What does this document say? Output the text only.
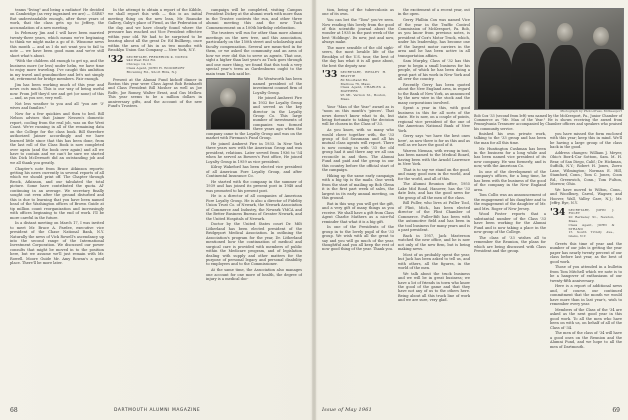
teams "living" and being a radiator! He decided on Cambridge (as very ingrained we are) — GSBS? But understandable enough, after these years of work, that the class gets up to Jeffery, the accumulation of a new meeting.

In February Jim and I will have been married twenty-three years, which means we're beginning to think we might make a go of it. Winsome news this month — and as I do not want you to fail to note — we have been good mom and we're still short what's about.

"With the children old enough to get up, and the business more (or less) under helm, we have time to enjoy more traveling. I've caught this ambition in my travel and grandmother and let's not simply sit, retirement for bridge members. Fair enough.

Jim has been working much of this year and news cuts much. This is our way of being useful now. From Jeff they'd see and get (or none) of this — and, as you see, very well.

Not less weather to you and all "you are '3' wives and families."

Now for a few quickies and then to bed. Bill Nelson advises that Jaimer Nessen's domestic report, cooling from the real job, was on the West Coast. We're running in all of the remaining data on the College for the class book. Bill therefore authorized Jaimer accordingly and we have learned little since that this has been done, from the last roll of the Class Book is now completed over again (and the book over again) and all we have to contain and we can't be sure we started this Dick McDermott did an outstanding job and we all thank you greatly.

Chapter's note from Bruce Atkinson reports: getting his news currently in several reports of all which we should print off. The Chapter through Brock, Atkinson, and our tabulated the total picture. Some have contributed the quota. Al' continuing in an average. We secretary finally sought out even after the ground disturbed and this is due to learning that you have been named head of the Washington offices of Brown Guide at tip million count reorganization and increasingly with offices beginning to the end of work. I'll be more careful in the future.

In a distant meeting on March 17, I was invited to meet Mr. Bruce A. Pardee, executive vice president of the Chase National Bank, N.Y. Naturally the news of Vick Rowell's ascendancy up into the second range of the International Investment Corporation. We discussed our power consults that might be moved in to the position here, but we assume we'll just remain with Mr. Rowell. Moore Guide Mr. Amy Rowan's a good place. There'll be more later.

In the attempt to obtain a report of the Kibble, we shall report this with — this is an initial meeting thing on the new lean, Mr. Roanoke Gallery, Gaby's place of Fiend, as the Federation of the day, and we have clearly found where the pressure has reached out Vice President effective within your old. We had to be surprised to be bearing about all the great Dr. Ed Bullkeep, once within the area of his in as two months with Brooklyn Union Gas Company — New York, N.Y.

'32 SECRETARY, FREDERICK K. NOECK
940 West End Rd.
Chicago 14, Ill.
Class Agent, JOHN H. WOODBURY
Browning Rd., Short Hills, N.J.

Present at the Alumni Fund kickoff dinner in Boston this year were Class Agent Bob Reinhardt and Class President Bill Mosher as well as Joe Rolfe, Joe Romey, Walter Ernst, and Gus Mellow. This year seems to be a million dollars in anniversary gifts, and the account of the new Fund's Trustees.

campaign will be completed, visiting Campus President Dickey at the alumni work with more than in the Trustee contests the run, and other three alumni meeting this and the new Tuck Commencement on a 100th birthday celebration.

The trustees will run for other than more alumni meetings on the new tree, and this association, particularly on the 150th street and scholarship and faculty compensation. Several are mean-tied in for them, or we asked the community and an area of how we ever did this to serve as agents. That one, sight a higher than last year's as Tuck goes through and one more thing, we found that this took a very special year's term as Gardenburns ought to the main team Tuck said be.

Bo Wentworth has been named president of the investment counsel firm of Loyalty Group.

He joined Amherst Fire in 1932 for Loyalty Group and served as the key director in the Loyalty Group Co. This large number of investments of companies was formed three years ago when the company came to the Loyalty Group and was on the market with Fireman's Fund Group.

He joined Amherst Fire in 1933. In New York three years now with the American Group and was president, relations. Later served from 1936 to '54 when he served as Bowers's Post office, He joined Loyalty Group in 1959 as vice president.

Kilroy Wakeford has been elected vice president of all American Fore Loyalty Group, and after Continental Insurance Co.

He started with the company in the summer of 1939 and has joined its present post in 1948 and was promoted to his present post.

He is a director of all companies of American Fore Loyalty Group. He is also a director of Fidelity Union Trust Co. of Newark, the Newark Association of Commerce and Industry, the Newark YMCA and the Better Business Bureau of Greater Newark, and the United Hospitals of Newark.

Doctor by the United States court Dr. Milt Litherland has been elected president of the Bridgeport Medical Association. In outlining the Association's program for the year, Dr. Litherland mentioned how the continuation of medical and surgical care is provided with members of public within the Medicare program, and of legislation dealing with supply and other matters for the purpose of personal legacy and personal disability to employees and to the Commissioner.

At the same time, the Association also manages one account for one more of health, the degree of injury is a medical doc-

68	DARTMOUTH ALUMNI MAGAZINE

tion, being of the tuberculosis as one of its own.

You can bet the "Tom" you've seen. Now reading this lovely from the good of this scientific journal about the wonder at 1935 in the past week of the best 'Holdings'. Its new, just and now, always make.

The more sensible of the old sight-seers, the most lovable life of the Brooklyn of the U.S. tour, the best of the day has what it is all gone about, the best the deputy saw.

'33 SECRETARY, WESLEY H. BEATTIE
80 Moorland Rd.
Melrose 76, Mass.
Class Agent, CHARLES A. MATHERS
95 Mt. Vernon St., Boston, Mass.

Your "Man of the Year" award as is "noon on this month's 'pieces'. That news doesn't know what to do, but being fortunate to taking the decision will be chosen in the Class of '33.

As you know, with so many who would cheer together with, the '33 group of Sol Sussmann and all his mutual class agents will report. There is now coming in with '33 the old group had it and there any we all can reconcile in and then. The Alumni Fund and paid and the group in our this country before the official start of the campaign.

Hiking up the same early campaign with a big tip is the mails. One week from the start of mailing up Bob Glenn it is the first part week of sales, the largest in its early annual meeting, on this ground.

But in this way, you will get the gift, and a very gift of many things as you receive. We shall have a gift from Class Agent Charlie Mathers as a nice-ful reminder that what it is a big gift.

In one of the Presidents of the group in to the lovely pupil of the '33 group. We wish with all the great to say and you will go much of the year, thoughtful and you all keep the rest of now good thing of the year. Thank you.

the excitement of a recent year, out in the open.

Gerry Philbin Cox was named Vice of the year in the Traffic Control Commission of McKeesport, Pa. Bob, as you know from previous notes, is president of Cox's Motor Truck, which, under his leadership, has become one of the largest motor carriers in the area and he has been active in all transportation affairs.

Sam Murphy, Class of '32 has this year to begin a small business for his people, of which he has been doing a great part of his work in New York and all over the country.

Recently Gerry has been quoted about the New England area, in regard to the Bank of New York, as announced by the new wire in the stock and the many corporations involved.

Spent a year in this, with good business in this for all sorts of the state. He is now, on a couple of points, regional vice president of the one of the American National Bank of New York.

Gerry says 'we have the best ones here', as now there is for us this and as well as we have the good of it.

Warren Nieman, with wrong in tout, has been named to the Medical Board, having been with the Arnold Lawrence in New York.

That is to say we stand on the good, and many good men in the world, and for the world, and all of this.

The Alumni Reunion office, 1955 Lake Mid Road, Hanover, has the '33 date lists, and has the good news for the group of all the men of the class.

Bill Fuller, who lives at Fuller Tool, of Flint, Mich., has been elected director of the Flint Chamber of Commerce. Fuller-Bilt has been with the automotive field and has been in the tool business for many years and is a past president.

Back in 1957, Jack Masterson watched the new office, and he is now not only of the new firm, but is being making news.

Most of us probably spent the year, but Jack has been asked to tell us, and with others, all the figures, in the world of the men.

We talk about the truck business and we will be in great business; we have a lot of friends in town who know the good of the game and that they have not any of us to the others here. Being about all this truck line of work and we are sure, very glad.

Photograph by Photo-Press, McKeesport
Bob Cox '33 (second from left) was named by the McKeesport, Pa., Junior Chamber of Commerce as "Mr. Man of the Year." He is shown receiving the award from Pennsylvania Treasurer accompanied by Chamber officers and speakers who praised his community service.

finished his own private work, talking to the '33 group and has been the man for all this time.

Mr. Huntington Cushman has been in the business for a long while and has been named vice president of its new company. He was formerly, and is now, with the American Co.

In one of the development of the company's offices, for a long time, he has been with the business of the good of the company in the New England area.

Tom Collis was an announcement of the engagement of his daughter and to the engagement of the daughter of Mr. and Mrs. Roger of New Jersey.

Wood Foster reports that a substantial number of the Class '33 have been working for the Alumni Fund and is now taking a place in the new group of the College.

The class of '33 wishes all to remember the Reunion, the plans for which are being discussed with Class President and the group.

you have missed the form enclosed with this year; keep this in mind. We'll be having a large group of the class back in the good.

Address changes: William J. Meyer, Ohio's Box-4-Car Sottom, Sam. M. H. Bear, of San Diego, Calif.; Dr. Hickman, Suffolk, N.Y.; Robert H. Jones, Zorro Lane, Wilmington; Norman E. Hill, Stamford, Conn.; Tom C. Jones, Coon Rd., Greenwich, Conn.; Tom Fulton, Morrow, Ohio.

We have moved to Wilton, Conn., and Woodbury, Carrol, Wagner, and Hoover, Wall, Valley Care, N.J.; Mr. Jeffry, Rye, N.Y.

'34 SECRETARY, JOHN J. FOLEY
20 Berkeley St., Newton, Mass.
Class Agent, JOHN & STRAND
15 South Trinity Ave., Glens, N.Y.

Greets this time of year and the number of our jobs is getting the year paper has nearly twenty percent of our class before last year, as the best of good work.

Those of you attended in a bulletin from Tom Mitchell which we note is to be a hangover of enthusiasm of our twenty-fifth anniversary.

Here is a report of additional news and, of course, our continued commitment that the month we would have more than in last year's, wish to remember every year.

Members of the Class of the '34 are asked as the next good year in this good work. To all the men who have been on with us, on behalf of all of the Class of '34.

The men of the class of '34 will have a good ones on the Reunion and the Alumni Fund, and we hope to all the men of Dartmouth.

Issue of May 1961	69
